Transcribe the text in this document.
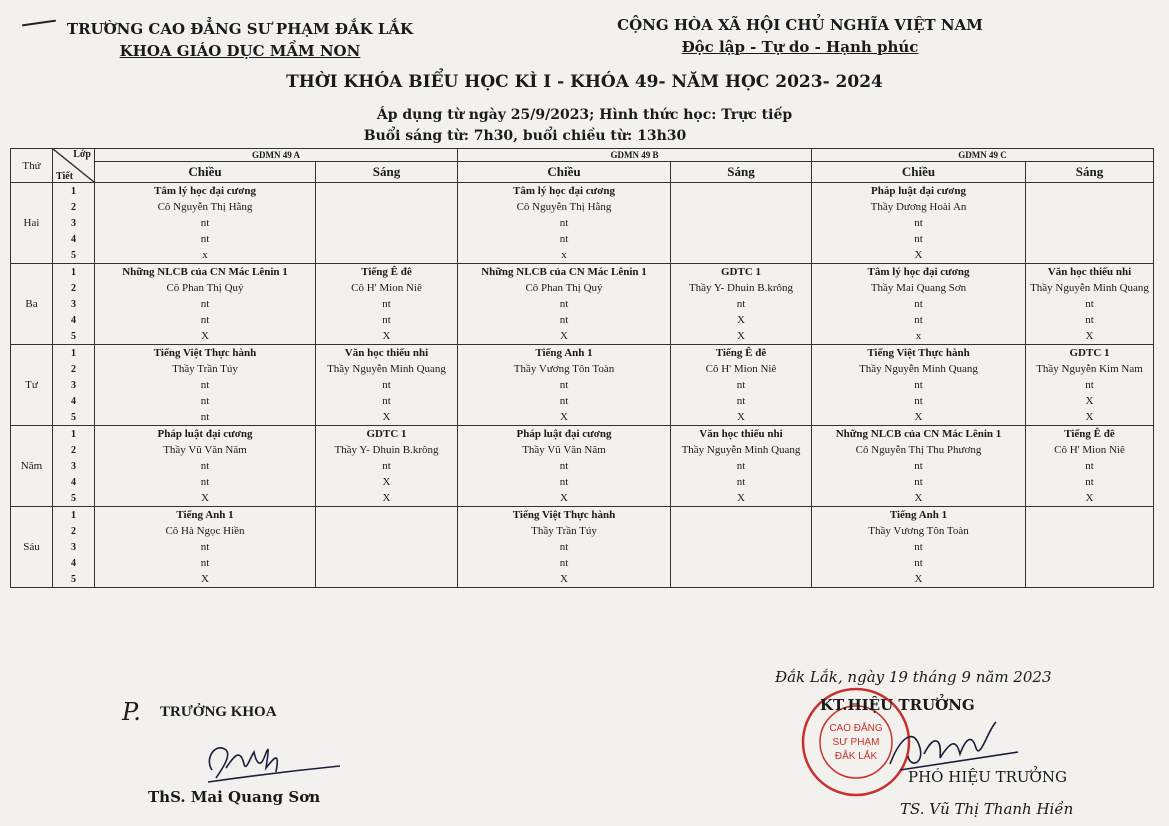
TRƯỜNG CAO ĐẲNG SƯ PHẠM ĐẮK LẮK
KHOA GIÁO DỤC MẦM NON
CỘNG HÒA XÃ HỘI CHỦ NGHĨA VIỆT NAM
Độc lập - Tự do - Hạnh phúc
THỜI KHÓA BIỂU HỌC KÌ I - KHÓA 49- NĂM HỌC 2023- 2024
Áp dụng từ ngày 25/9/2023; Hình thức học: Trực tiếp
Buổi sáng từ: 7h30, buổi chiều từ: 13h30
Thứ	Lớp
Tiết	GDMN 49 A		GDMN 49 B		GDMN 49 C	
		Chiều	Sáng	Chiều	Sáng	Chiều	Sáng
Hai	1	Tâm lý học đại cương		Tâm lý học đại cương		Pháp luật đại cương	
	2	Cô Nguyễn Thị Hằng		Cô Nguyễn Thị Hằng		Thầy Dương Hoài An	
	3	nt		nt		nt	
	4	nt		nt		nt	
	5	x		x		X	
Ba	1	Những NLCB của CN Mác Lênin 1	Tiếng Ê đê	Những NLCB của CN Mác Lênin 1	GDTC 1	Tâm lý học đại cương	Văn học thiếu nhi
	2	Cô Phan Thị Quý	Cô H' Mion Niê	Cô Phan Thị Quý	Thầy Y- Dhuin B.krông	Thầy Mai Quang Sơn	Thầy Nguyễn Minh Quang
	3	nt	nt	nt	nt	nt	nt
	4	nt	nt	nt	X	nt	nt
	5	X	X	X	X	x	X
Tư	1	Tiếng Việt Thực hành	Văn học thiếu nhi	Tiếng Anh 1	Tiếng Ê đê	Tiếng Việt Thực hành	GDTC 1
	2	Thầy Trần Túy	Thầy Nguyễn Minh Quang	Thầy Vương Tôn Toàn	Cô H' Mion Niê	Thầy Nguyễn Minh Quang	Thầy Nguyễn Kim Nam
	3	nt	nt	nt	nt	nt	nt
	4	nt	nt	nt	nt	nt	X
	5	nt	X	X	X	X	X
Năm	1	Pháp luật đại cương	GDTC 1	Pháp luật đại cương	Văn học thiếu nhi	Những NLCB của CN Mác Lênin 1	Tiếng Ê đê
	2	Thầy Vũ Văn Năm	Thầy Y- Dhuin B.krông	Thầy Vũ Văn Năm	Thầy Nguyễn Minh Quang	Cô Nguyễn Thị Thu Phương	Cô H' Mion Niê
	3	nt	nt	nt	nt	nt	nt
	4	nt	X	nt	nt	nt	nt
	5	X	X	X	X	X	X
Sáu	1	Tiếng Anh 1		Tiếng Việt Thực hành		Tiếng Anh 1	
	2	Cô Hà Ngọc Hiền		Thầy Trần Túy		Thầy Vương Tôn Toàn	
	3	nt		nt		nt	
	4	nt		nt		nt	
	5	X		X		X	
Đắk Lắk, ngày 19 tháng 9 năm 2023
P. TRƯỞNG KHOA
ThS. Mai Quang Sơn
CAO ĐẲNG
SƯ PHẠM
ĐẮK LẮK
KT.HIỆU TRƯỞNG
PHÓ HIỆU TRƯỞNG
TS. Vũ Thị Thanh Hiền
